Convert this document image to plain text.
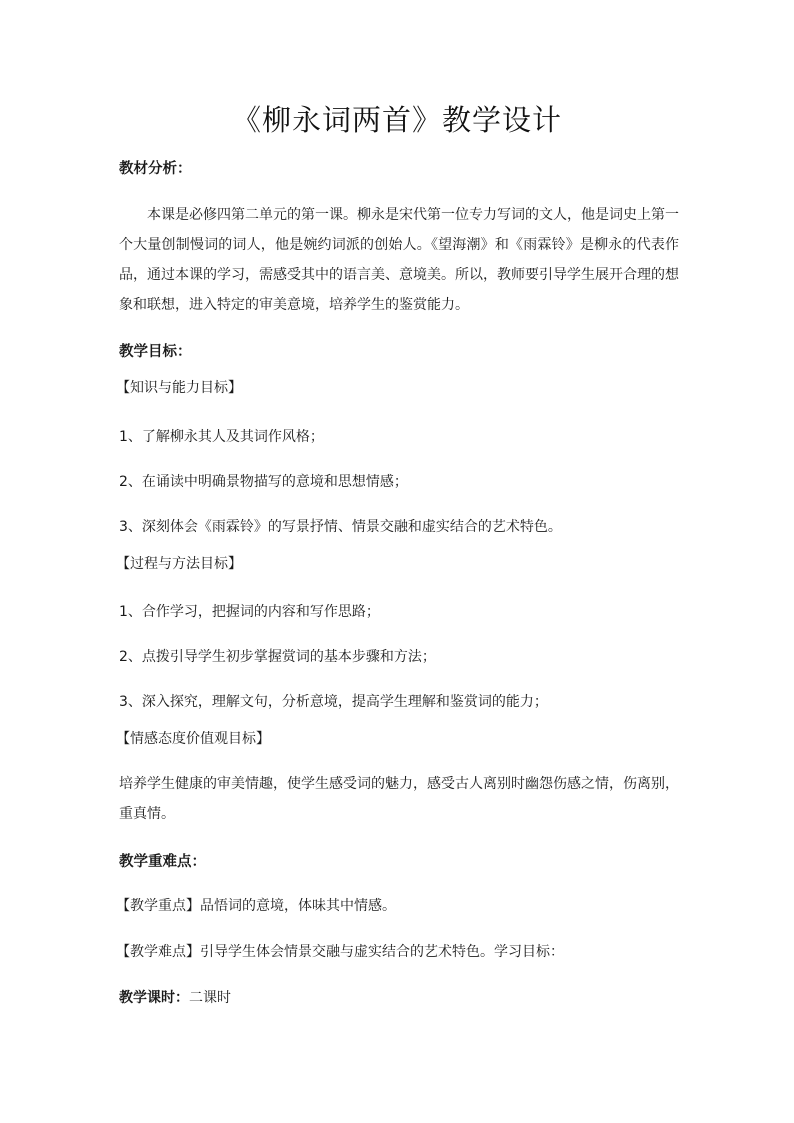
《柳永词两首》教学设计
教材分析：
本课是必修四第二单元的第一课。柳永是宋代第一位专力写词的文人，他是词史上第一个大量创制慢词的词人，他是婉约词派的创始人。《望海潮》和《雨霖铃》是柳永的代表作品，通过本课的学习，需感受其中的语言美、意境美。所以，教师要引导学生展开合理的想象和联想，进入特定的审美意境，培养学生的鉴赏能力。
教学目标：
【知识与能力目标】
1、了解柳永其人及其词作风格；
2、在诵读中明确景物描写的意境和思想情感；
3、深刻体会《雨霖铃》的写景抒情、情景交融和虚实结合的艺术特色。
【过程与方法目标】
1、合作学习，把握词的内容和写作思路；
2、点拨引导学生初步掌握赏词的基本步骤和方法；
3、深入探究，理解文句，分析意境，提高学生理解和鉴赏词的能力；
【情感态度价值观目标】
培养学生健康的审美情趣，使学生感受词的魅力，感受古人离别时幽怨伤感之情，伤离别，重真情。
教学重难点：
【教学重点】品悟词的意境，体味其中情感。
【教学难点】引导学生体会情景交融与虚实结合的艺术特色。学习目标：
教学课时：二课时
